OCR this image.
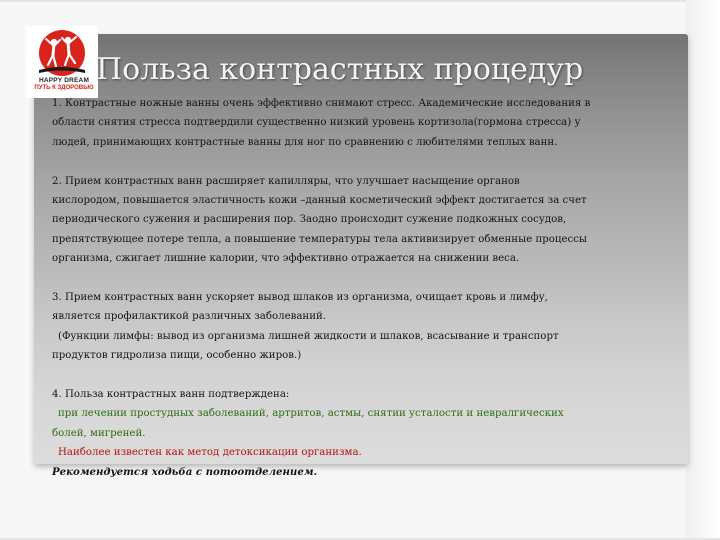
HAPPY DREAM
ПУТЬ К ЗДОРОВЬЮ
Польза контрастных процедур
1. Контрастные ножные ванны очень эффективно снимают стресс. Академические исследования в
области снятия стресса подтвердили существенно низкий уровень кортизола(гормона стресса) у
людей, принимающих контрастные ванны для ног по сравнению с любителями теплых ванн.
2. Прием контрастных ванн расширяет капилляры, что улучшает насыщение органов
кислородом, повышается эластичность кожи –данный косметический эффект достигается за счет
периодического сужения и расширения пор. Заодно происходит сужение подкожных сосудов,
препятствующее потере тепла, а повышение температуры тела активизирует обменные процессы
организма, сжигает лишние калории, что эффективно отражается на снижении веса.
3. Прием контрастных ванн ускоряет вывод шлаков из организма, очищает кровь и лимфу,
является профилактикой различных заболеваний.
(Функции лимфы: вывод из организма лишней жидкости и шлаков, всасывание и транспорт
продуктов гидролиза пищи, особенно жиров.)
4. Польза контрастных ванн подтверждена:
при лечении простудных заболеваний, артритов, астмы, снятии усталости и невралгических
болей, мигреней.
Наиболее известен как метод детоксикации организма.
Рекомендуется ходьба с потоотделением.
